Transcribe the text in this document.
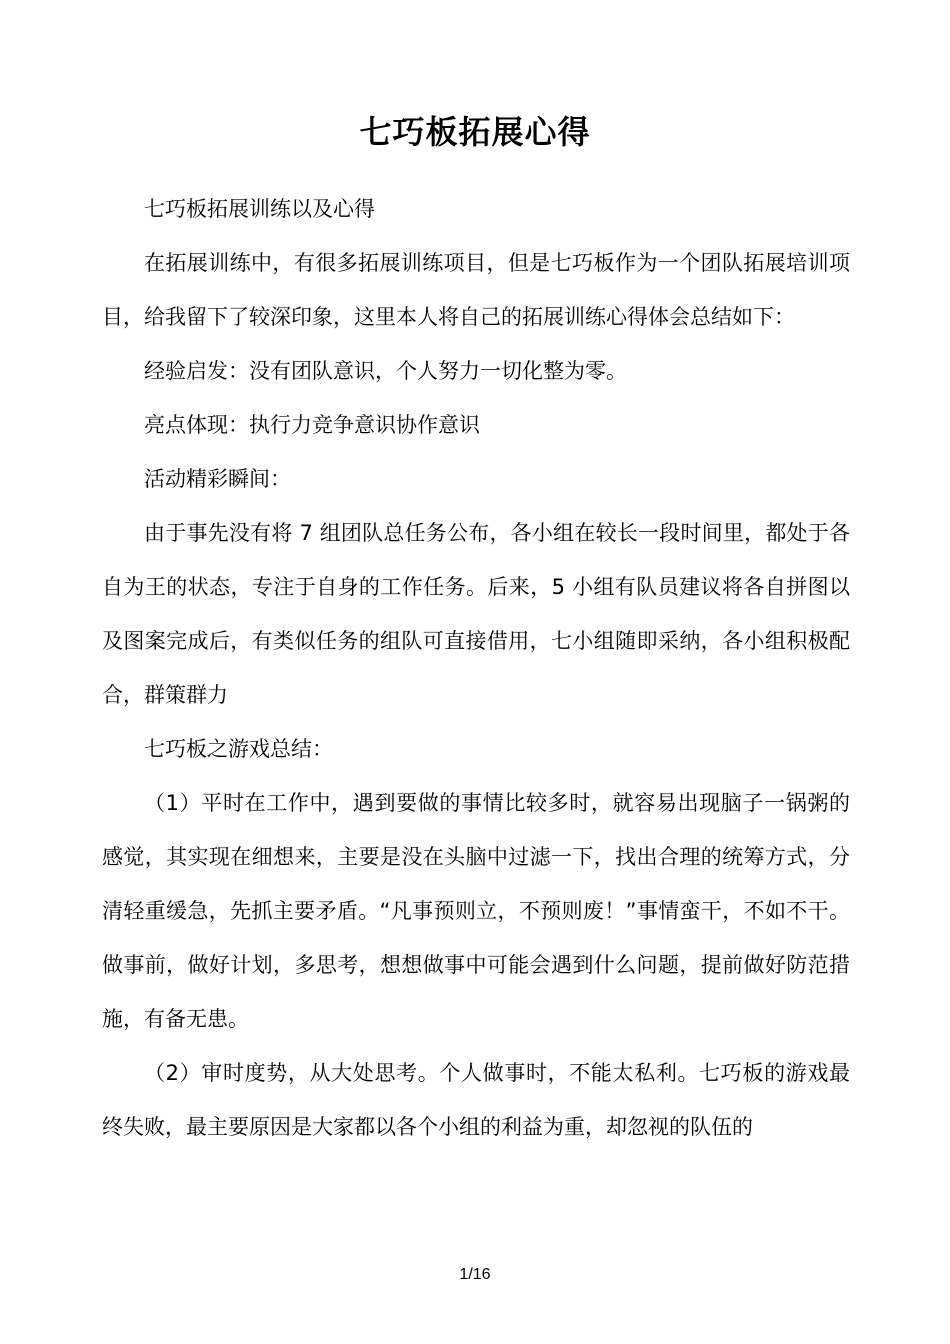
七巧板拓展心得

七巧板拓展训练以及心得

在拓展训练中，有很多拓展训练项目，但是七巧板作为一个团队拓展培训项目，给我留下了较深印象，这里本人将自己的拓展训练心得体会总结如下：

经验启发：没有团队意识，个人努力一切化整为零。

亮点体现：执行力竞争意识协作意识

活动精彩瞬间：

由于事先没有将 7 组团队总任务公布，各小组在较长一段时间里，都处于各自为王的状态，专注于自身的工作任务。后来，5 小组有队员建议将各自拼图以及图案完成后，有类似任务的组队可直接借用，七小组随即采纳，各小组积极配合，群策群力

七巧板之游戏总结：

（1）平时在工作中，遇到要做的事情比较多时，就容易出现脑子一锅粥的感觉，其实现在细想来，主要是没在头脑中过滤一下，找出合理的统筹方式，分清轻重缓急，先抓主要矛盾。“凡事预则立，不预则废！”事情蛮干，不如不干。做事前，做好计划，多思考，想想做事中可能会遇到什么问题，提前做好防范措施，有备无患。

（2）审时度势，从大处思考。个人做事时，不能太私利。七巧板的游戏最终失败，最主要原因是大家都以各个小组的利益为重，却忽视的队伍的

1/16
